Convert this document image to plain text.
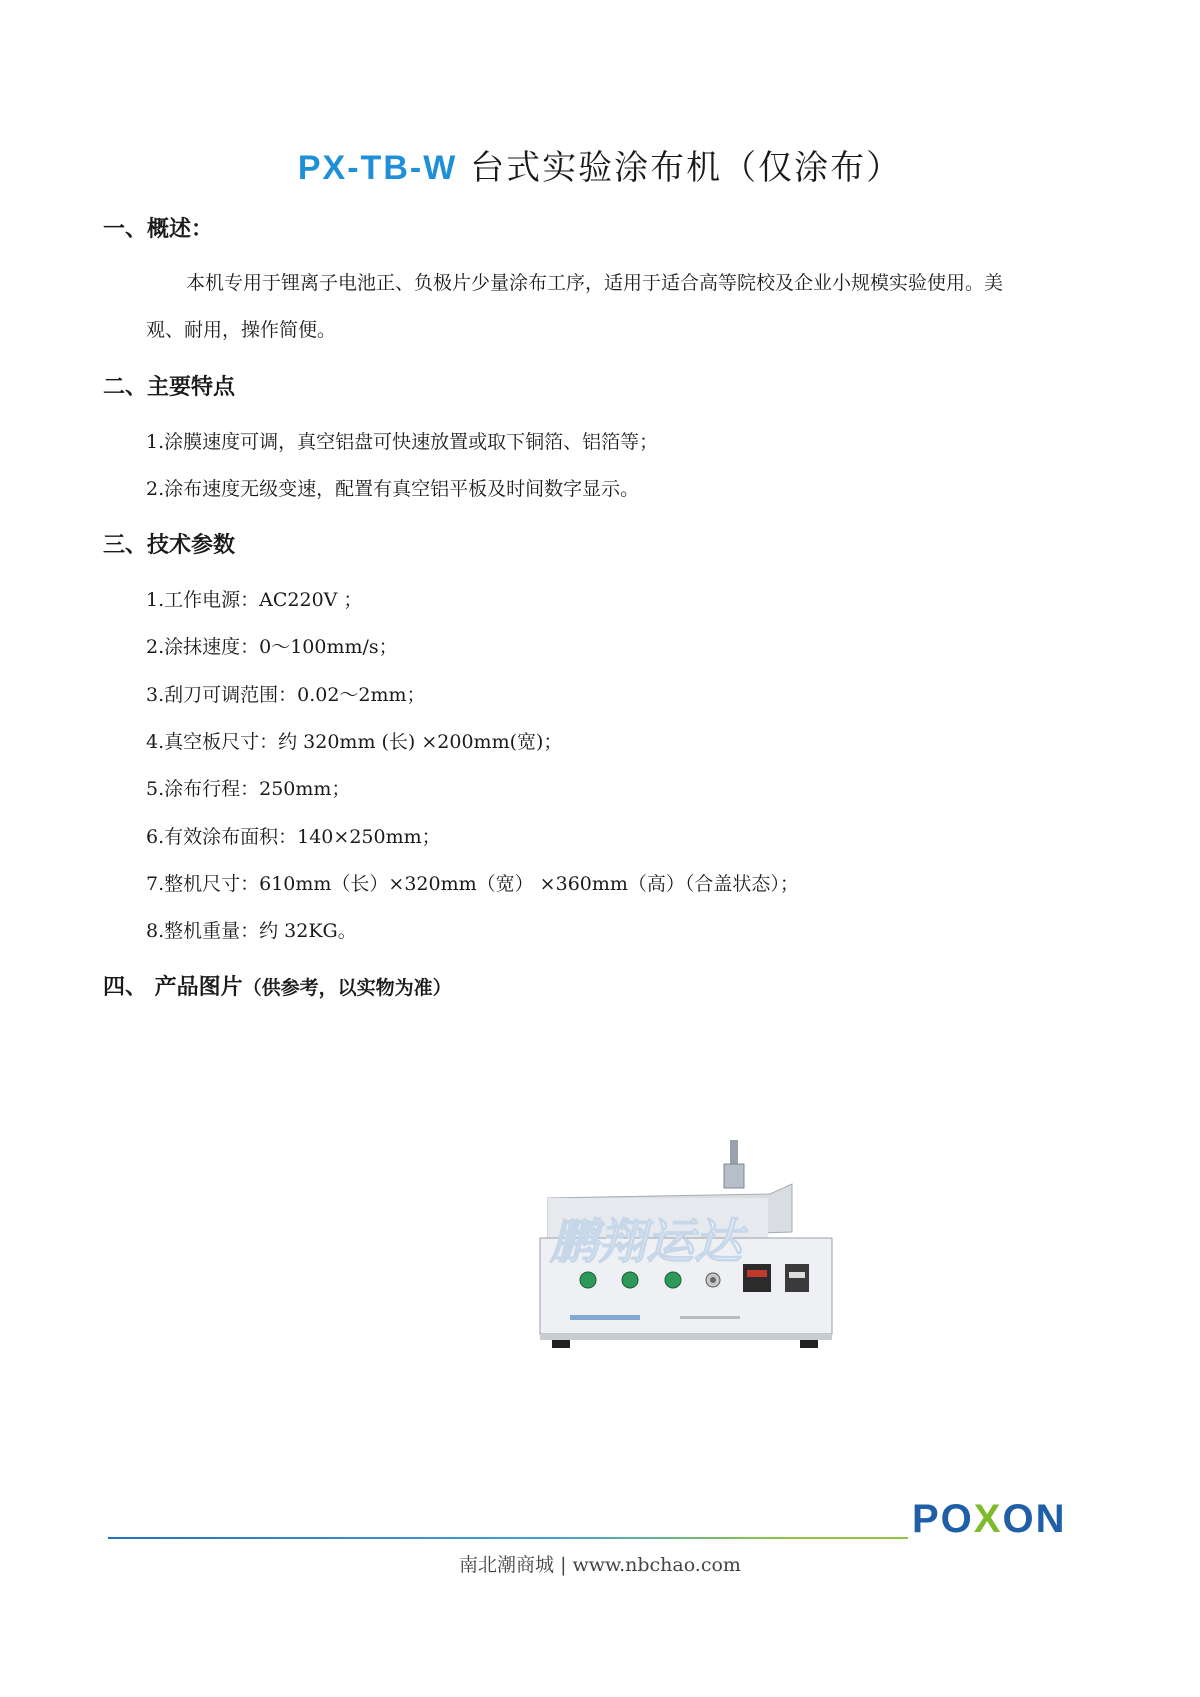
PX-TB-W 台式实验涂布机（仅涂布）
一、概述：
本机专用于锂离子电池正、负极片少量涂布工序，适用于适合高等院校及企业小规模实验使用。美
观、耐用，操作简便。
二、主要特点
1.涂膜速度可调，真空铝盘可快速放置或取下铜箔、铝箔等；
2.涂布速度无级变速，配置有真空铝平板及时间数字显示。
三、技术参数
1.工作电源：AC220V ；
2.涂抹速度：0～100mm/s；
3.刮刀可调范围：0.02～2mm；
4.真空板尺寸：约 320mm (长) ×200mm(宽)；
5.涂布行程：250mm；
6.有效涂布面积：140×250mm；
7.整机尺寸：610mm（长）×320mm（宽） ×360mm（高）（合盖状态）；
8.整机重量：约 32KG。
四、 产品图片（供参考，以实物为准）
鹏翔运达
POXON
南北潮商城 | www.nbchao.com
